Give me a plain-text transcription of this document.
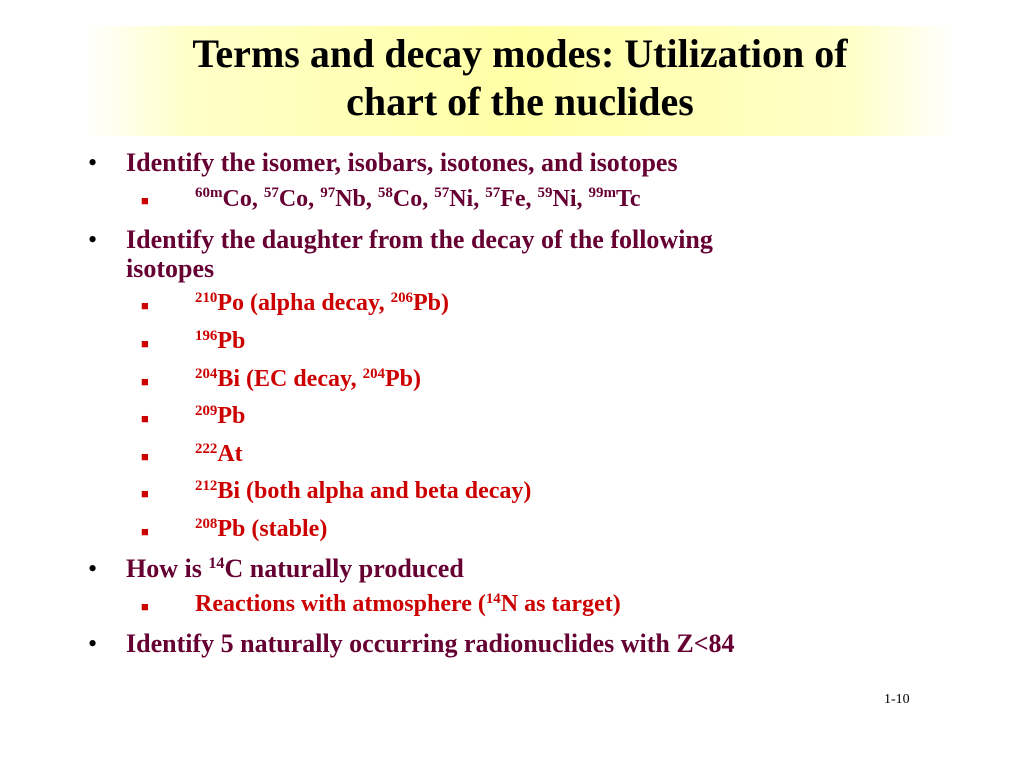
Terms and decay modes: Utilization of
chart of the nuclides
• Identify the isomer, isobars, isotones, and isotopes
■	$^{60m}$Co, $^{57}$Co, $^{97}$Nb, $^{58}$Co, $^{57}$Ni, $^{57}$Fe, $^{59}$Ni, $^{99m}$Tc
• Identify the daughter from the decay of the following
isotopes
■	$^{210}$Po (alpha decay, $^{206}$Pb)
■	$^{196}$Pb
■	$^{204}$Bi (EC decay, $^{204}$Pb)
■	$^{209}$Pb
■	$^{222}$At
■	$^{212}$Bi (both alpha and beta decay)
■	$^{208}$Pb (stable)
• How is $^{14}$C naturally produced
■ Reactions with atmosphere ($^{14}$N as target)
• Identify 5 naturally occurring radionuclides with Z<84
1-10
